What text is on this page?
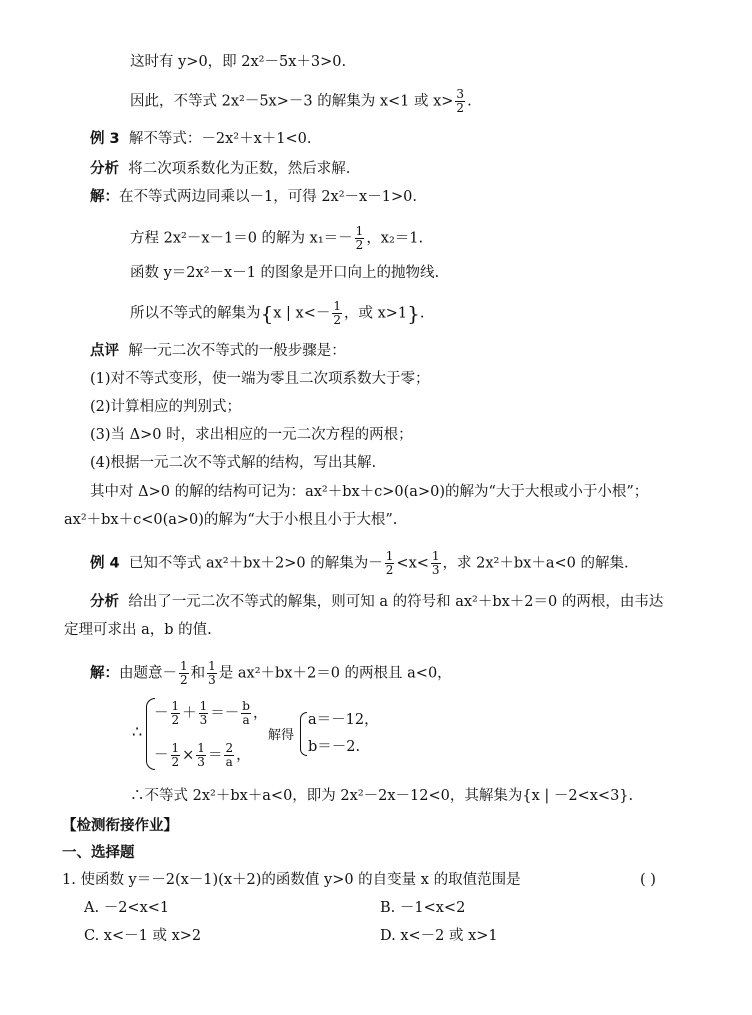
这时有 y>0，即 2x²－5x＋3>0.
因此，不等式 2x²－5x>－3 的解集为 x<1 或 $x> \frac{3}{2}$ .
例 3 解不等式：－2x²＋x＋1<0.
分析 将二次项系数化为正数，然后求解.
解：在不等式两边同乘以－1，可得 2x²－x－1>0.
方程 2x²－x－1＝0 的解为 $x_1=- \frac{1}{2}$ ，x₂＝1.
函数 y＝2x²－x－1 的图象是开口向上的抛物线.
所以不等式的解集为{x | $x<- \frac{1}{2}$ ，或 x>1}.
点评 解一元二次不等式的一般步骤是：
(1)对不等式变形，使一端为零且二次项系数大于零；
(2)计算相应的判别式；
(3)当 Δ>0 时，求出相应的一元二次方程的两根；
(4)根据一元二次不等式解的结构，写出其解.
其中对 Δ>0 的解的结构可记为：ax²＋bx＋c>0(a>0)的解为“大于大根或小于小根”；
ax²＋bx＋c<0(a>0)的解为“大于小根且小于大根”.
例 4 已知不等式 ax²＋bx＋2>0 的解集为－ $\frac{1}{2} <x< \frac{1}{3}$ ，求 2x²＋bx＋a<0 的解集.
分析 给出了一元二次不等式的解集，则可知 a 的符号和 ax²＋bx＋2＝0 的两根，由韦达
定理可求出 a，b 的值.
解：由题意－ $\frac{1}{2}$ 和 $\frac{1}{3}$ 是 ax²＋bx＋2＝0 的两根且 a<0，
∴
－ $\frac{1}{2} + \frac{1}{3} =- \frac{b}{a}$ ，
－ $\frac{1}{2} \times \frac{1}{3} = \frac{2}{a}$ ，
解得
a＝－12，
b＝－2.
∴不等式 2x²＋bx＋a<0，即为 2x²－2x－12<0，其解集为{x | －2<x<3}.
【检测衔接作业】
一、选择题
1. 使函数 y＝－2(x－1)(x＋2)的函数值 y>0 的自变量 x 的取值范围是	( )
A. －2<x<1	B. －1<x<2
C. x<－1 或 x>2	D. x<－2 或 x>1
